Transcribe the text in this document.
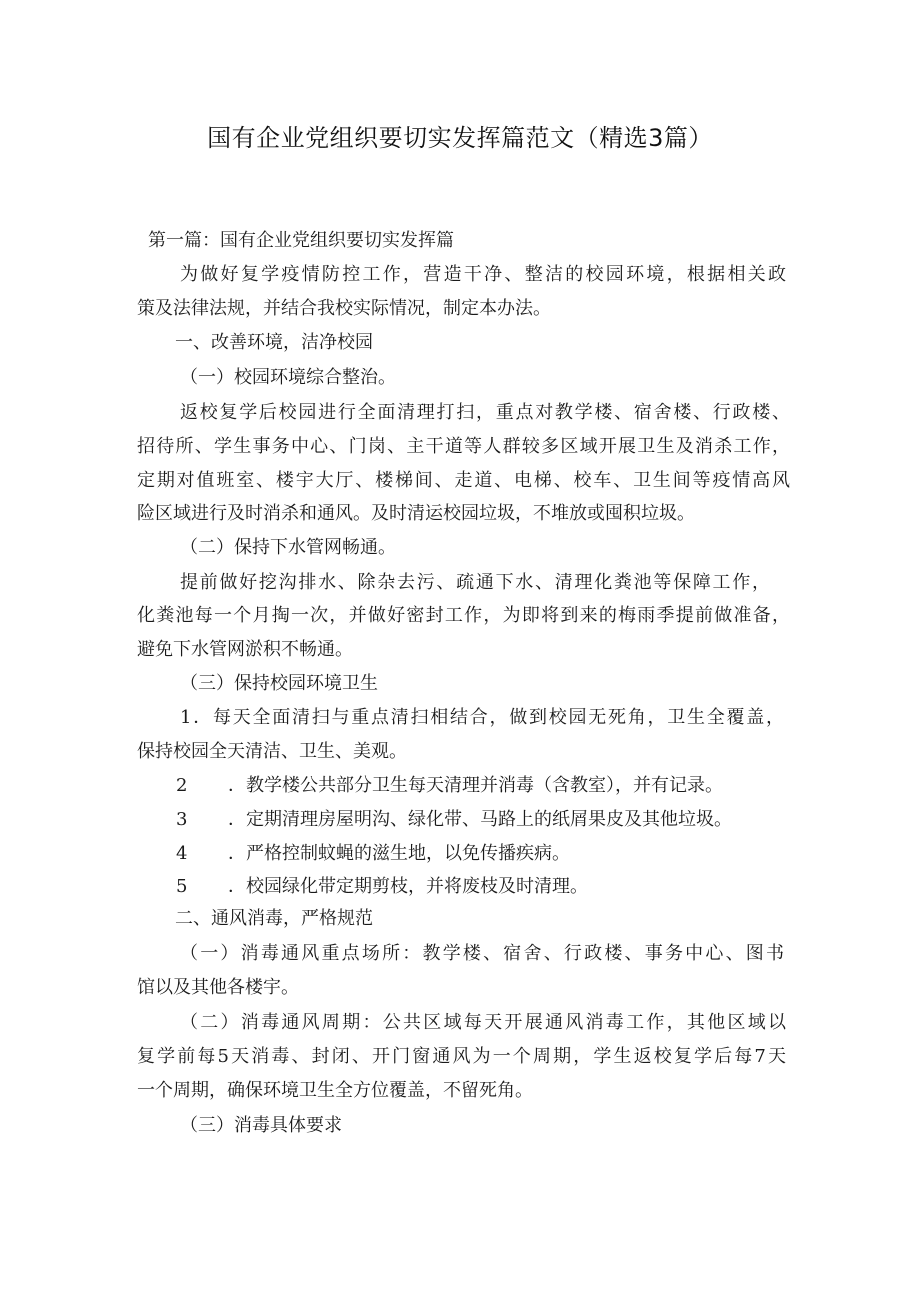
国有企业党组织要切实发挥篇范文（精选3篇）
第一篇：国有企业党组织要切实发挥篇
为做好复学疫情防控工作，营造干净、整洁的校园环境，根据相关政
策及法律法规，并结合我校实际情况，制定本办法。
一、改善环境，洁净校园
（一）校园环境综合整治。
返校复学后校园进行全面清理打扫，重点对教学楼、宿舍楼、行政楼、
招待所、学生事务中心、门岗、主干道等人群较多区域开展卫生及消杀工作，
定期对值班室、楼宇大厅、楼梯间、走道、电梯、校车、卫生间等疫情高风
险区域进行及时消杀和通风。及时清运校园垃圾，不堆放或囤积垃圾。
（二）保持下水管网畅通。
提前做好挖沟排水、除杂去污、疏通下水、清理化粪池等保障工作，
化粪池每一个月掏一次，并做好密封工作，为即将到来的梅雨季提前做准备，
避免下水管网淤积不畅通。
（三）保持校园环境卫生
1．每天全面清扫与重点清扫相结合，做到校园无死角，卫生全覆盖，
保持校园全天清洁、卫生、美观。
2 ．教学楼公共部分卫生每天清理并消毒（含教室），并有记录。
3 ．定期清理房屋明沟、绿化带、马路上的纸屑果皮及其他垃圾。
4 ．严格控制蚊蝇的滋生地，以免传播疾病。
5 ．校园绿化带定期剪枝，并将废枝及时清理。
二、通风消毒，严格规范
（一）消毒通风重点场所：教学楼、宿舍、行政楼、事务中心、图书
馆以及其他各楼宇。
（二）消毒通风周期：公共区域每天开展通风消毒工作，其他区域以
复学前每5天消毒、封闭、开门窗通风为一个周期，学生返校复学后每7天
一个周期，确保环境卫生全方位覆盖，不留死角。
（三）消毒具体要求
